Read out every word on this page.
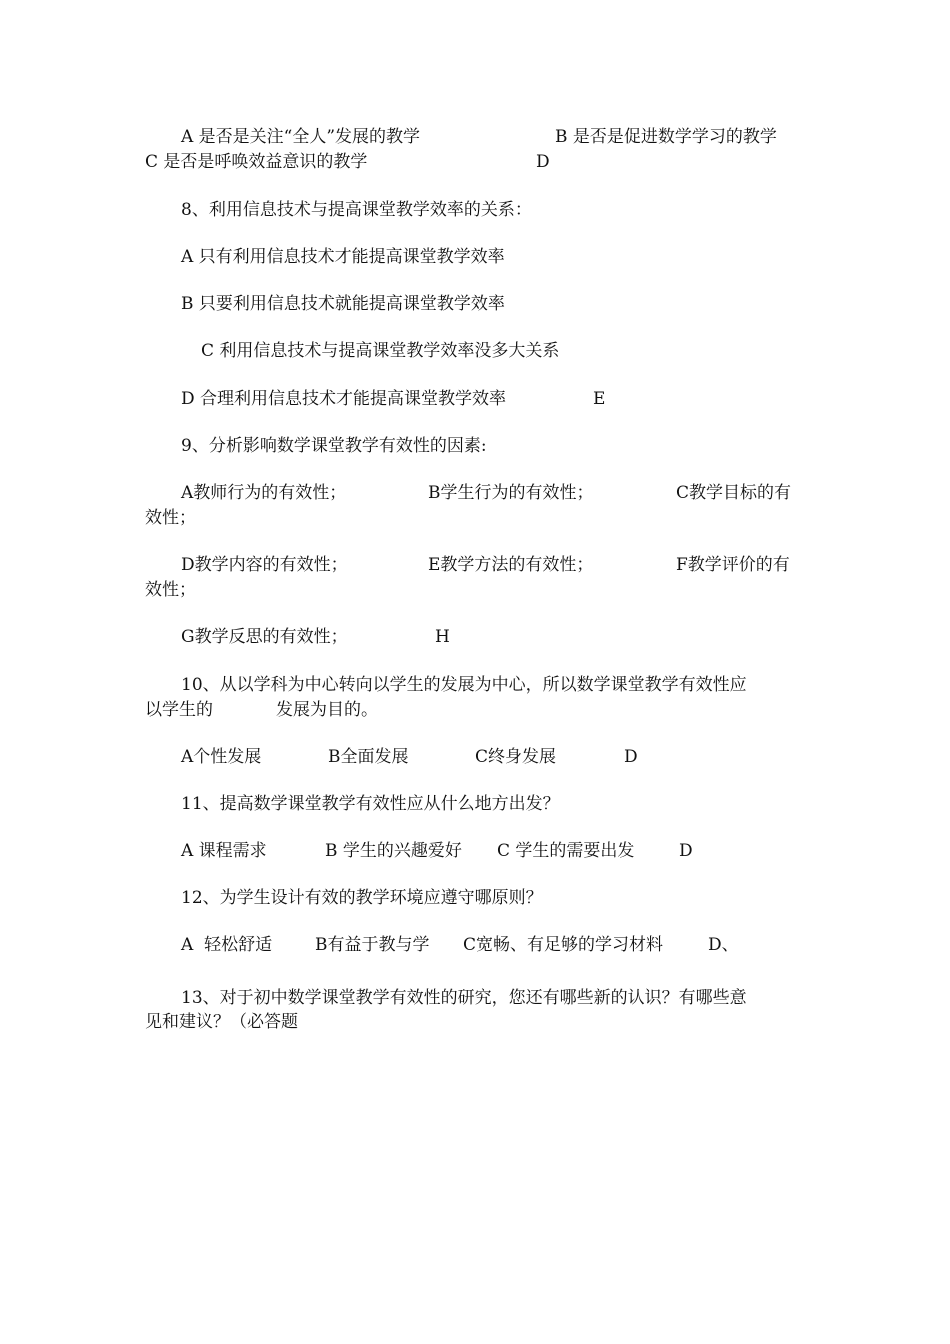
A 是否是关注“全人”发展的教学	B 是否是促进数学学习的教学

C 是否是呼唤效益意识的教学	D

8、利用信息技术与提高课堂教学效率的关系：

A 只有利用信息技术才能提高课堂教学效率

B 只要利用信息技术就能提高课堂教学效率

C 利用信息技术与提高课堂教学效率没多大关系

D 合理利用信息技术才能提高课堂教学效率	E

9、分析影响数学课堂教学有效性的因素:

A教师行为的有效性；	B学生行为的有效性；	C教学目标的有

效性；

D教学内容的有效性；	E教学方法的有效性；	F教学评价的有

效性；

G教学反思的有效性；	H

10、从以学科为中心转向以学生的发展为中心，所以数学课堂教学有效性应

以学生的	发展为目的。

A个性发展	B全面发展	C终身发展	D

11、提高数学课堂教学有效性应从什么地方出发？

A 课程需求	B 学生的兴趣爱好 C 学生的需要出发	D

12、为学生设计有效的教学环境应遵守哪原则？

A  轻松舒适	B有益于教与学 C宽畅、有足够的学习材料	D、

13、对于初中数学课堂教学有效性的研究，您还有哪些新的认识？有哪些意

见和建议？（必答题
